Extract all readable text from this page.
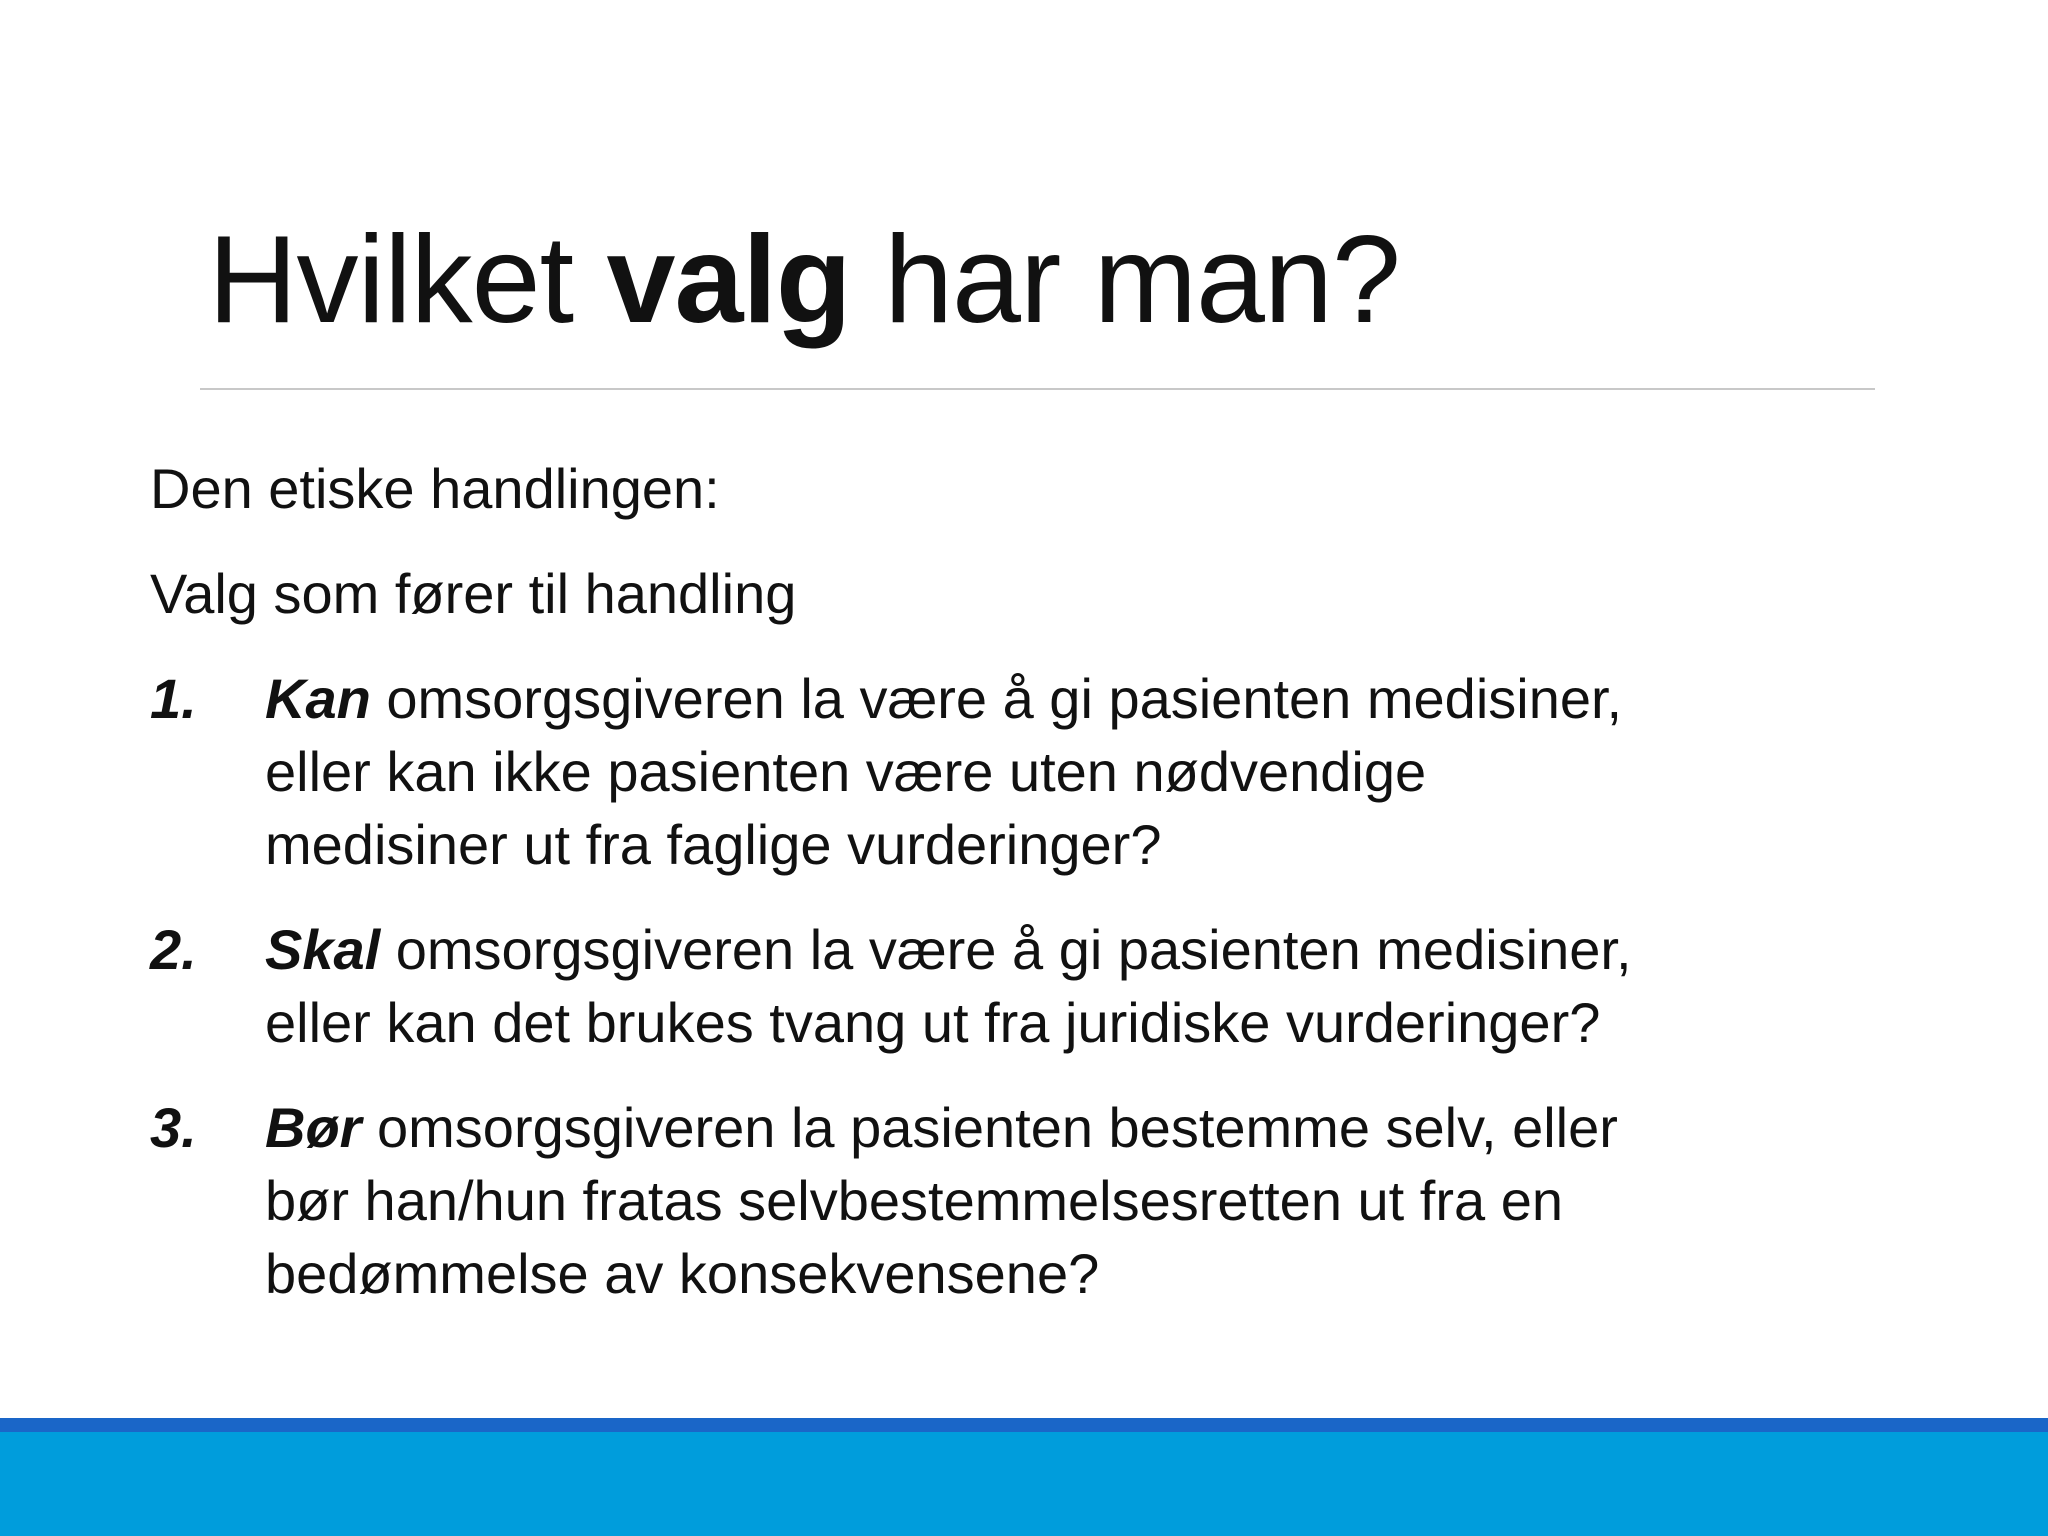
Hvilket valg har man?

Den etiske handlingen:

Valg som fører til handling

1.	Kan omsorgsgiveren la være å gi pasienten medisiner,
eller kan ikke pasienten være uten nødvendige
medisiner ut fra faglige vurderinger?
2.	Skal omsorgsgiveren la være å gi pasienten medisiner,
eller kan det brukes tvang ut fra juridiske vurderinger?
3.	Bør omsorgsgiveren la pasienten bestemme selv, eller
bør han/hun fratas selvbestemmelsesretten ut fra en
bedømmelse av konsekvensene?
